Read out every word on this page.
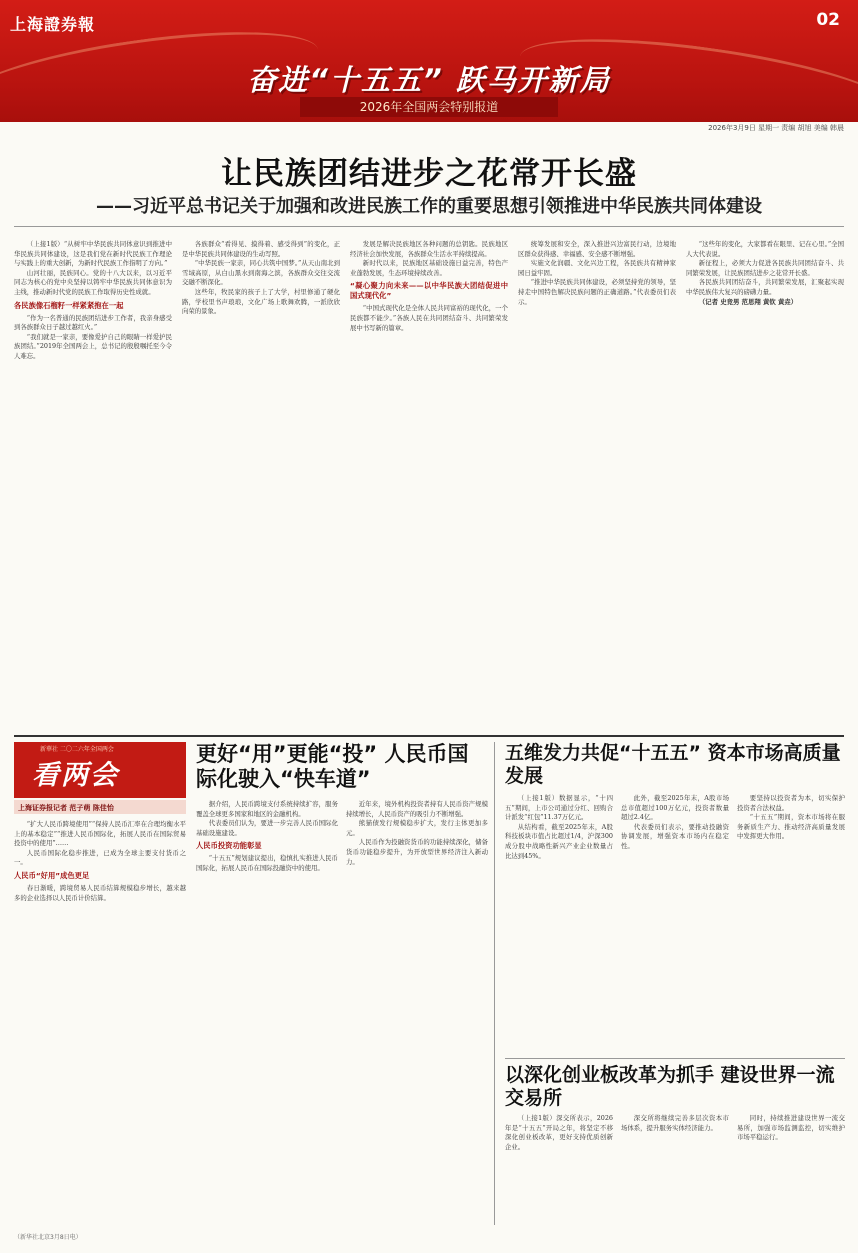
上海證券報	02
奋进“十五五” 跃马开新局
2026年全国两会特别报道
2026年3月9日 星期一 责编 胡旭 美编 韩晨
让民族团结进步之花常开长盛
——习近平总书记关于加强和改进民族工作的重要思想引领推进中华民族共同体建设

（上接1版）“从树牢中华民族共同体意识到推进中华民族共同体建设，这是我们党在新时代民族工作理论与实践上的重大创新，为新时代民族工作指明了方向。”

山河壮丽，民族同心。党的十八大以来，以习近平同志为核心的党中央坚持以铸牢中华民族共同体意识为主线，推动新时代党的民族工作取得历史性成就。

各民族像石榴籽一样紧紧抱在一起

“作为一名普通的民族团结进步工作者，我亲身感受到各族群众日子越过越红火。”

“我们就是一家亲，要像爱护自己的眼睛一样爱护民族团结。”2019年全国两会上，总书记的殷殷嘱托至今令人难忘。

各族群众“看得见、摸得着、感受得到”的变化，正是中华民族共同体建设的生动写照。

“中华民族一家亲，同心共筑中国梦。”从天山南北到雪域高原，从白山黑水到南海之滨，各族群众交往交流交融不断深化。

这些年，牧民家的孩子上了大学，村里修通了硬化路，学校里书声琅琅，文化广场上歌舞欢腾，一派欣欣向荣的景象。

发展是解决民族地区各种问题的总钥匙。民族地区经济社会加快发展，各族群众生活水平持续提高。

新时代以来，民族地区基础设施日益完善，特色产业蓬勃发展，生态环境持续改善。

“凝心聚力向未来——以中华民族大团结促进中国式现代化”

“中国式现代化是全体人民共同富裕的现代化，一个民族都不能少。”各族人民在共同团结奋斗、共同繁荣发展中书写新的篇章。

统筹发展和安全，深入推进兴边富民行动，边境地区群众获得感、幸福感、安全感不断增强。

实施文化润疆、文化兴边工程，各民族共有精神家园日益牢固。

“推进中华民族共同体建设，必须坚持党的领导，坚持走中国特色解决民族问题的正确道路。”代表委员们表示。

“这些年的变化，大家都看在眼里、记在心里。”全国人大代表说。

新征程上，必须大力促进各民族共同团结奋斗、共同繁荣发展，让民族团结进步之花常开长盛。

各民族共同团结奋斗，共同繁荣发展，汇聚起实现中华民族伟大复兴的磅礴力量。

（记者 史竞男 范思翔 黄钦 黄垚）

新華社 二〇二六年全国两会
看两会
上海证券报记者 范子萌 陈佳怡

“扩大人民币跨境使用”“保持人民币汇率在合理均衡水平上的基本稳定”“推进人民币国际化，拓展人民币在国际贸易投资中的使用”……

人民币国际化稳步推进，已成为全球主要支付货币之一。

人民币“好用”成色更足

春日渐暖，跨境贸易人民币结算规模稳步增长，越来越多的企业选择以人民币计价结算。

更好“用”更能“投” 人民币国际化驶入“快车道”

据介绍，人民币跨境支付系统持续扩容，服务覆盖全球更多国家和地区的金融机构。

代表委员们认为，要进一步完善人民币国际化基础设施建设。

人民币投资功能彰显

“十五五”规划建议提出，稳慎扎实推进人民币国际化，拓展人民币在国际投融资中的使用。

近年来，境外机构投资者持有人民币资产规模持续增长，人民币资产的吸引力不断增强。

熊猫债发行规模稳步扩大，发行主体更加多元。

人民币作为投融资货币的功能持续深化，储备货币功能稳步提升，为开放型世界经济注入新动力。

五维发力共促“十五五” 资本市场高质量发展

（上接1版）数据显示，“十四五”期间，上市公司通过分红、回购合计派发“红包”11.37万亿元。

从结构看，截至2025年末，A股科技板块市值占比超过1/4，沪深300成分股中战略性新兴产业企业数量占比达到45%。

此外，截至2025年末，A股市场总市值超过100万亿元，投资者数量超过2.4亿。

代表委员们表示，要推动投融资协调发展，增强资本市场内在稳定性。

要坚持以投资者为本，切实保护投资者合法权益。

“十五五”期间，资本市场将在服务新质生产力、推动经济高质量发展中发挥更大作用。

以深化创业板改革为抓手 建设世界一流交易所

（上接1版）深交所表示，2026年是“十五五”开局之年，将坚定不移深化创业板改革，更好支持优质创新企业。

深交所将继续完善多层次资本市场体系，提升服务实体经济能力。

同时，持续推进建设世界一流交易所，加强市场监测监控，切实维护市场平稳运行。

（新华社北京3月8日电）
